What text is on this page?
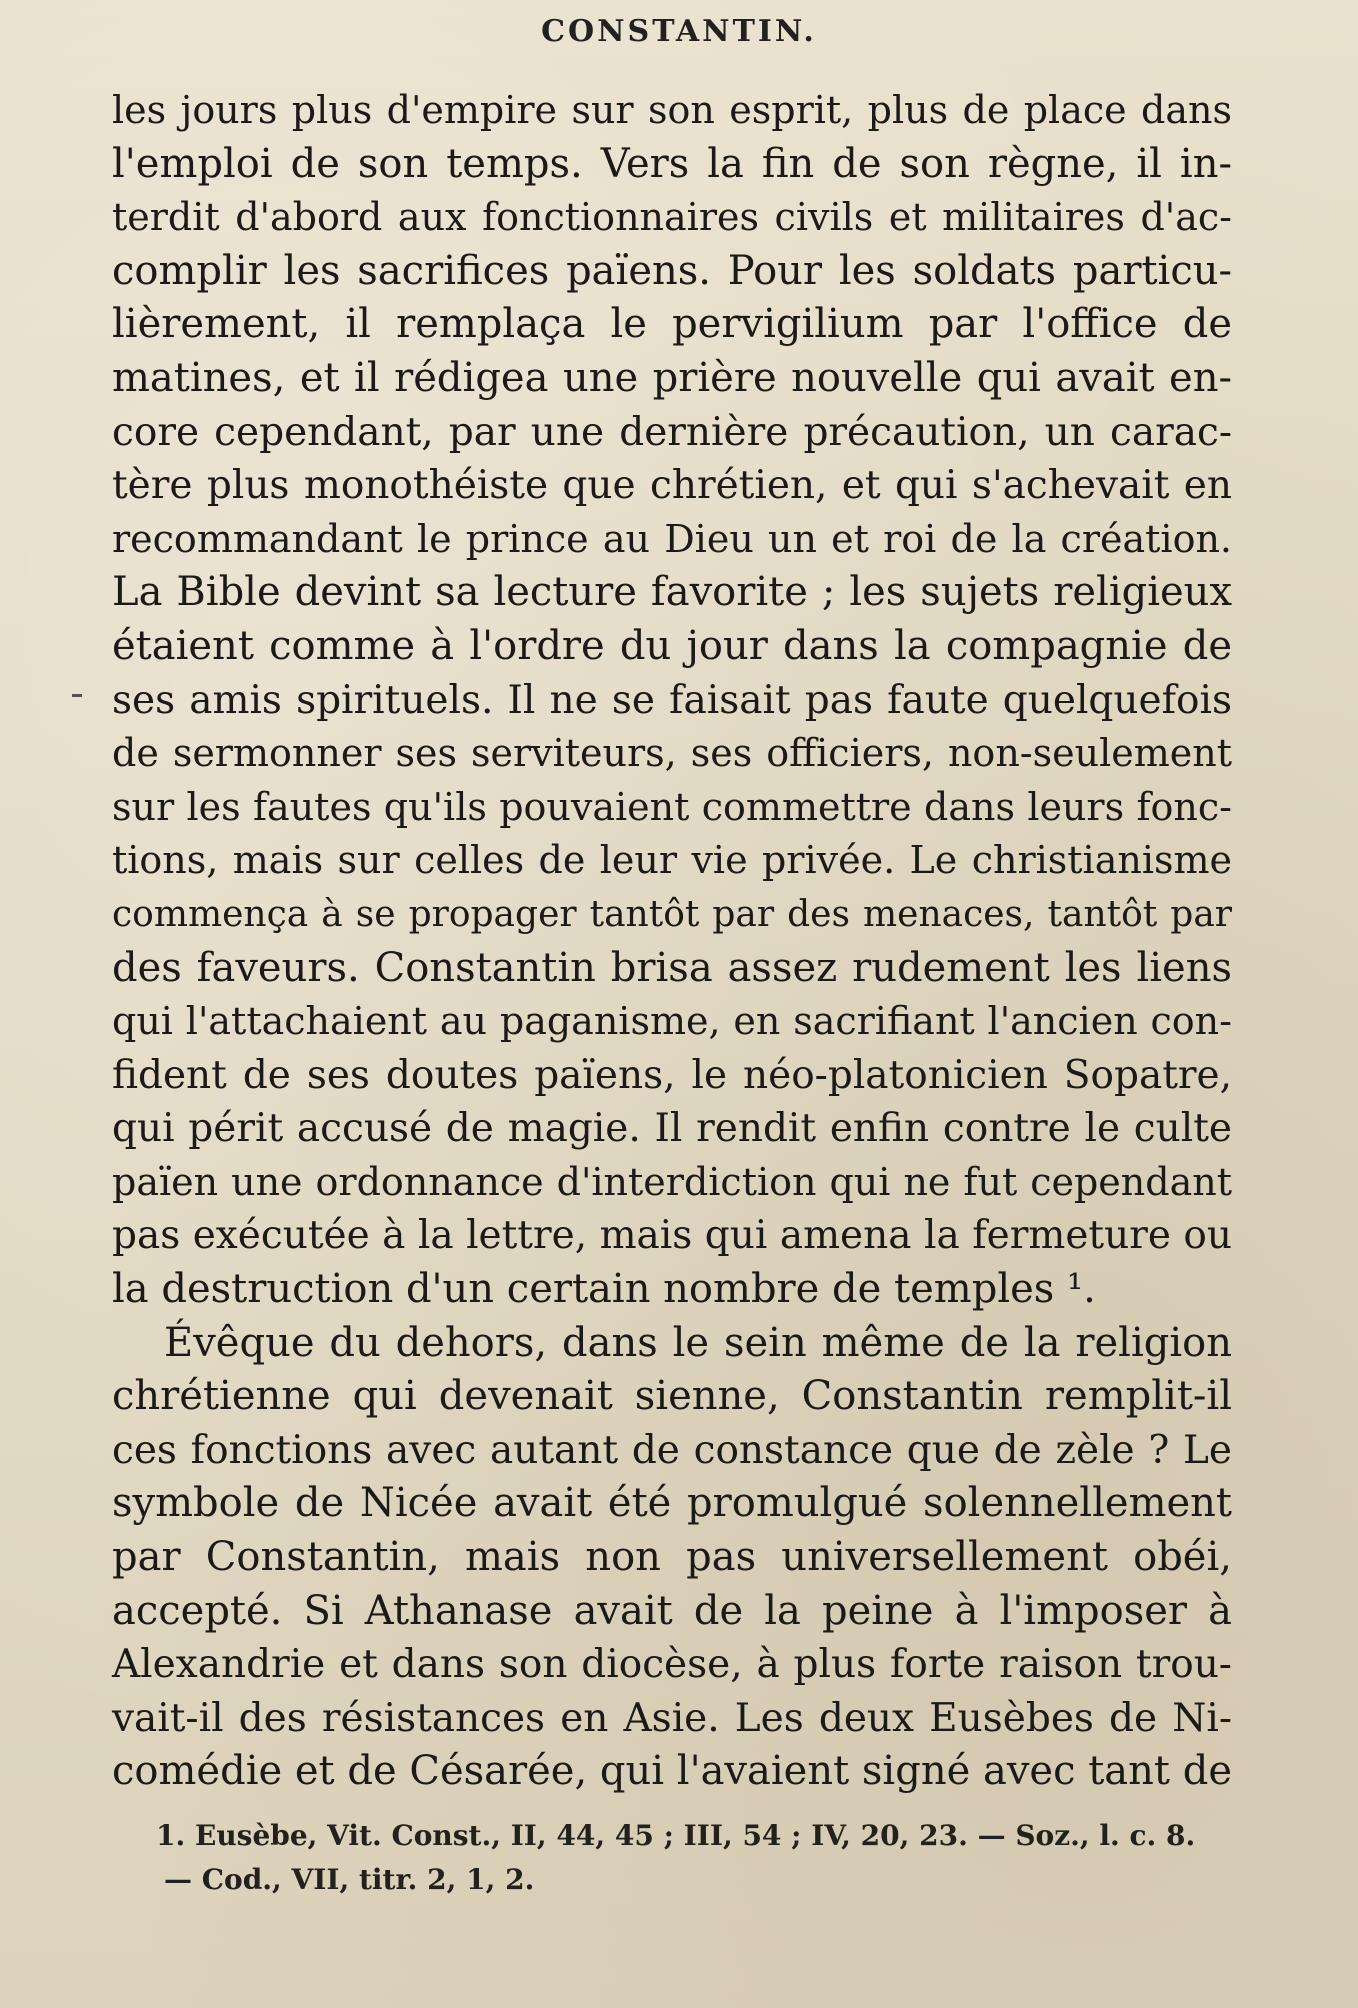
CONSTANTIN.
les jours plus d'empire sur son esprit, plus de place dans
l'emploi de son temps. Vers la fin de son règne, il in-
terdit d'abord aux fonctionnaires civils et militaires d'ac-
complir les sacrifices païens. Pour les soldats particu-
lièrement, il remplaça le pervigilium par l'office de
matines, et il rédigea une prière nouvelle qui avait en-
core cependant, par une dernière précaution, un carac-
tère plus monothéiste que chrétien, et qui s'achevait en
recommandant le prince au Dieu un et roi de la création.
La Bible devint sa lecture favorite ; les sujets religieux
étaient comme à l'ordre du jour dans la compagnie de
ses amis spirituels. Il ne se faisait pas faute quelquefois
de sermonner ses serviteurs, ses officiers, non-seulement
sur les fautes qu'ils pouvaient commettre dans leurs fonc-
tions, mais sur celles de leur vie privée. Le christianisme
commença à se propager tantôt par des menaces, tantôt par
des faveurs. Constantin brisa assez rudement les liens
qui l'attachaient au paganisme, en sacrifiant l'ancien con-
fident de ses doutes païens, le néo-platonicien Sopatre,
qui périt accusé de magie. Il rendit enfin contre le culte
païen une ordonnance d'interdiction qui ne fut cependant
pas exécutée à la lettre, mais qui amena la fermeture ou
la destruction d'un certain nombre de temples ¹.
Évêque du dehors, dans le sein même de la religion
chrétienne qui devenait sienne, Constantin remplit-il
ces fonctions avec autant de constance que de zèle ? Le
symbole de Nicée avait été promulgué solennellement
par Constantin, mais non pas universellement obéi,
accepté. Si Athanase avait de la peine à l'imposer à
Alexandrie et dans son diocèse, à plus forte raison trou-
vait-il des résistances en Asie. Les deux Eusèbes de Ni-
comédie et de Césarée, qui l'avaient signé avec tant de
1. Eusèbe, Vit. Const., II, 44, 45 ; III, 54 ; IV, 20, 23. — Soz., l. c. 8.
— Cod., VII, titr. 2, 1, 2.
